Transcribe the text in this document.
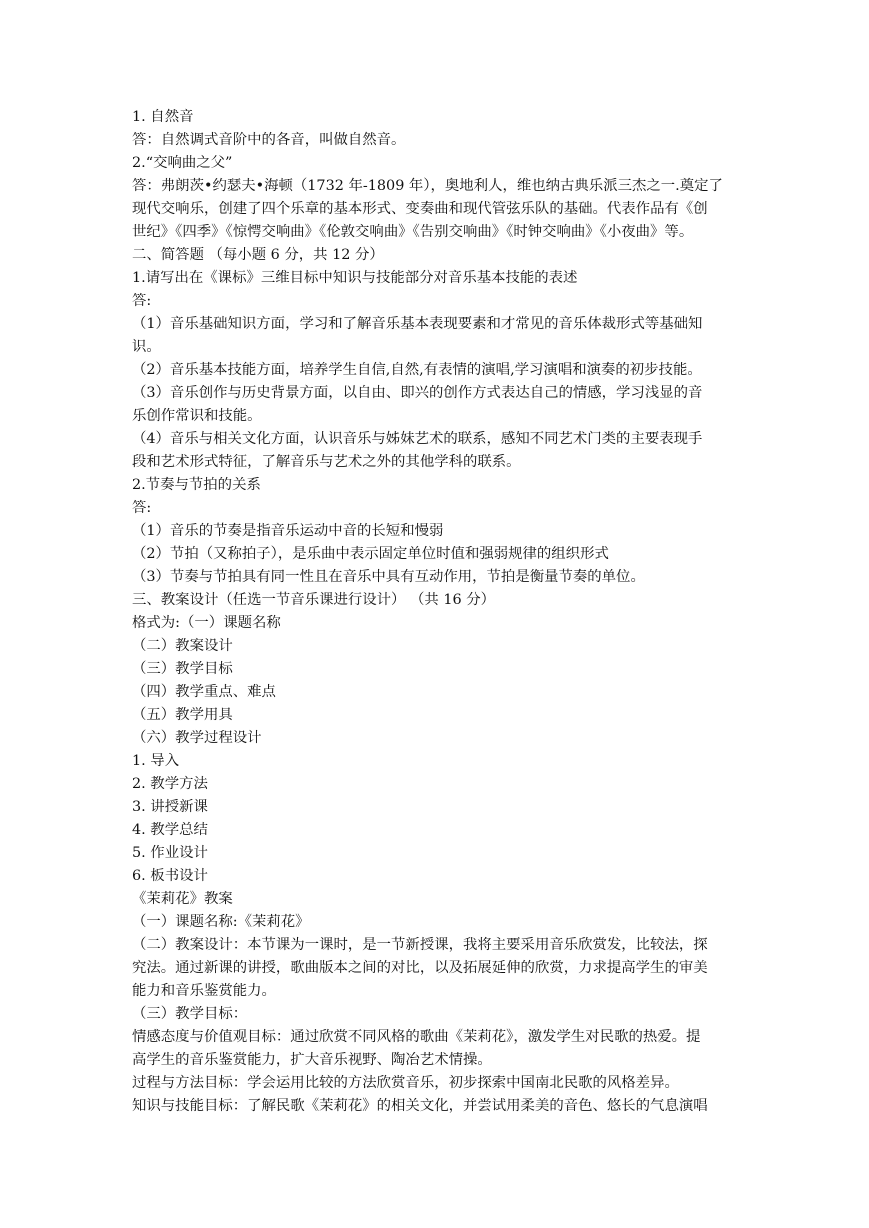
1. 自然音
答：自然调式音阶中的各音，叫做自然音。
2.“交响曲之父”
答：弗朗茨•约瑟夫•海顿（1732 年-1809 年），奥地利人，维也纳古典乐派三杰之一.奠定了
现代交响乐，创建了四个乐章的基本形式、变奏曲和现代管弦乐队的基础。代表作品有《创
世纪》《四季》《惊愕交响曲》《伦敦交响曲》《告别交响曲》《时钟交响曲》《小夜曲》等。
二、简答题 （每小题 6 分，共 12 分）
1.请写出在《课标》三维目标中知识与技能部分对音乐基本技能的表述
答:
（1）音乐基础知识方面，学习和了解音乐基本表现要素和才常见的音乐体裁形式等基础知
识。
（2）音乐基本技能方面，培养学生自信,自然,有表情的演唱,学习演唱和演奏的初步技能。
（3）音乐创作与历史背景方面，以自由、即兴的创作方式表达自己的情感，学习浅显的音
乐创作常识和技能。
（4）音乐与相关文化方面，认识音乐与姊妹艺术的联系，感知不同艺术门类的主要表现手
段和艺术形式特征，了解音乐与艺术之外的其他学科的联系。
2.节奏与节拍的关系
答:
（1）音乐的节奏是指音乐运动中音的长短和慢弱
（2）节拍（又称拍子），是乐曲中表示固定单位时值和强弱规律的组织形式
（3）节奏与节拍具有同一性且在音乐中具有互动作用，节拍是衡量节奏的单位。
三、教案设计（任选一节音乐课进行设计） （共 16 分）
格式为:（一）课题名称
（二）教案设计
（三）教学目标
（四）教学重点、难点
（五）教学用具
（六）教学过程设计
1. 导入
2. 教学方法
3. 讲授新课
4. 教学总结
5. 作业设计
6. 板书设计
《茉莉花》教案
（一）课题名称:《茉莉花》
（二）教案设计：本节课为一课时，是一节新授课，我将主要采用音乐欣赏发，比较法，探
究法。通过新课的讲授，歌曲版本之间的对比，以及拓展延伸的欣赏，力求提高学生的审美
能力和音乐鉴赏能力。
（三）教学目标：
情感态度与价值观目标：通过欣赏不同风格的歌曲《茉莉花》，激发学生对民歌的热爱。提
高学生的音乐鉴赏能力，扩大音乐视野、陶冶艺术情操。
过程与方法目标：学会运用比较的方法欣赏音乐，初步探索中国南北民歌的风格差异。
知识与技能目标：了解民歌《茉莉花》的相关文化，并尝试用柔美的音色、悠长的气息演唱
